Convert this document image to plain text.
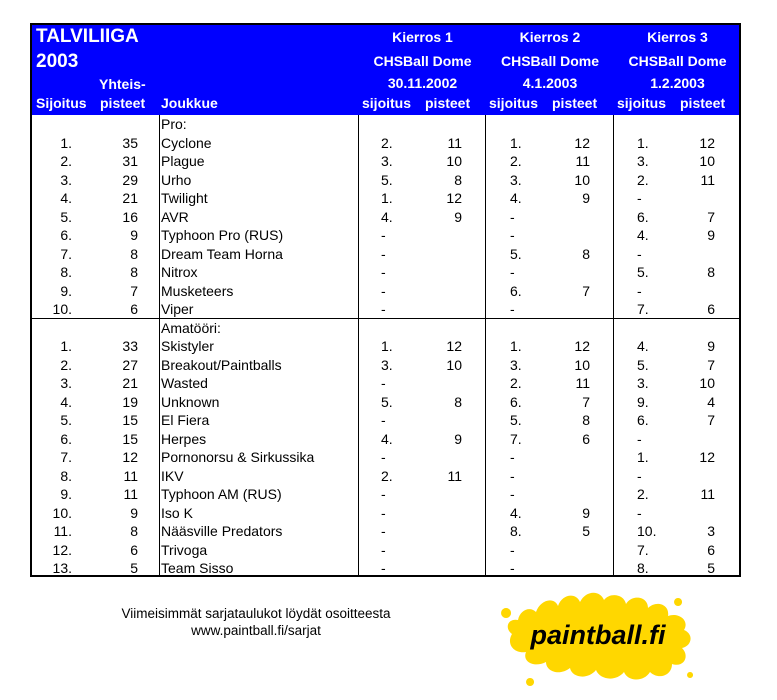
TALVILIIGA
2003
Yhteis-
Sijoitus pisteet Joukkue
Kierros 1
CHSBall Dome
30.11.2002
sijoitus pisteet
Kierros 2
CHSBall Dome
4.1.2003
sijoitus pisteet
Kierros 3
CHSBall Dome
1.2.2003
sijoitus pisteet
Pro:
1.	35 Cyclone	2.	11	1.	12	1.	12
2.	31 Plague	3.	10	2.	11	3.	10
3.	29 Urho	5.	8	3.	10	2.	11
4.	21 Twilight	1.	12	4.	9	-
5.	16 AVR	4.	9	-	6.	7
6.	9 Typhoon Pro (RUS)	-	-	4.	9
7.	8 Dream Team Horna	-	5.	8	-
8.	8 Nitrox	-	-	5.	8
9.	7 Musketeers	-	6.	7	-
10.	6 Viper	-	-	7.	6
Amatööri:
1.	33 Skistyler	1.	12	1.	12	4.	9
2.	27 Breakout/Paintballs	3.	10	3.	10	5.	7
3.	21 Wasted	-	2.	11	3.	10
4.	19 Unknown	5.	8	6.	7	9.	4
5.	15 El Fiera	-	5.	8	6.	7
6.	15 Herpes	4.	9	7.	6	-
7.	12 Pornonorsu & Sirkussika	-	-	1.	12
8.	11 IKV	2.	11	-	-
9.	11 Typhoon AM (RUS)	-	-	2.	11
10.	9 Iso K	-	4.	9	-
11.	8 Nääsville Predators	-	8.	5	10.	3
12.	6 Trivoga	-	-	7.	6
13.	5 Team Sisso	-	-	8.	5
Viimeisimmät sarjataulukot löydät osoitteesta
www.paintball.fi/sarjat	paintball.fi
